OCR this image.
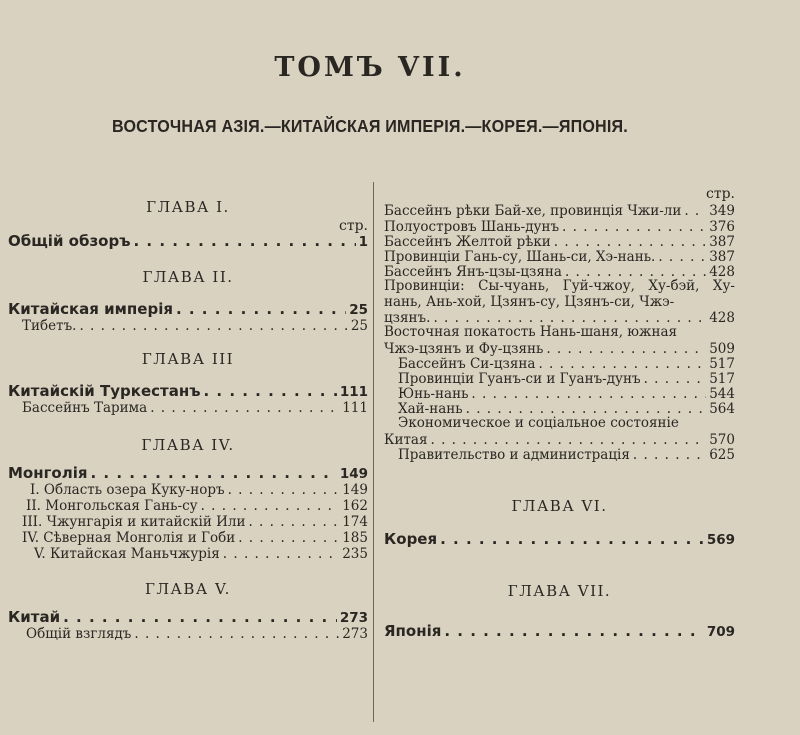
ТОМЪ VII.
ВОСТОЧНАЯ АЗІЯ.—КИТАЙСКАЯ ИМПЕРІЯ.—КОРЕЯ.—ЯПОНІЯ.
ГЛАВА I.
стр.
Общій обзоръ . . .	1
ГЛАВА II.
Китайская имперія . . .	25
Тибетъ. . . .	25
ГЛАВА III
Китайскій Туркестанъ . . .	111
Бассейнъ Тарима . . .	111
ГЛАВА IV.
Монголія . . .	149
I. Область озера Куку-норъ . . .	149
II. Монгольская Гань-су . . .	162
III. Чжунгарія и китайскій Или . . .	174
IV. Сѣверная Монголія и Гоби . . .	185
V. Китайская Маньчжурія . . .	235
ГЛАВА V.
Китай . . .	273
Общій взглядъ . . .	273
стр.
Бассейнъ рѣки Бай-хе, провинція Чжи-ли . . . 349
Полуостровъ Шань-дунъ . . .	376
Бассейнъ Желтой рѣки . . .	387
Провинціи Гань-су, Шань-си, Хэ-нань. . . .	387
Бассейнъ Янъ-цзы-цзяна . . .	428
Провинціи: Сы-чуань, Гуй-чжоу, Ху-бэй, Ху-нань, Ань-хой, Цзянъ-су, Цзянъ-си, Чжэ-
цзянъ. . . .	428
Восточная покатость Нань-шаня, южная
Чжэ-цзянъ и Фу-цзянь . . .	509
Бассейнъ Си-цзяна . . .	517
Провинціи Гуанъ-си и Гуанъ-дунъ . . .	517
Юнь-нань . . .	544
Хай-нань . . .	564
Экономическое и соціальное состояніе
Китая . . .	570
Правительство и администрація . . .	625
ГЛАВА VI.
Корея . . .	569
ГЛАВА VII.
Японія . . .	709
